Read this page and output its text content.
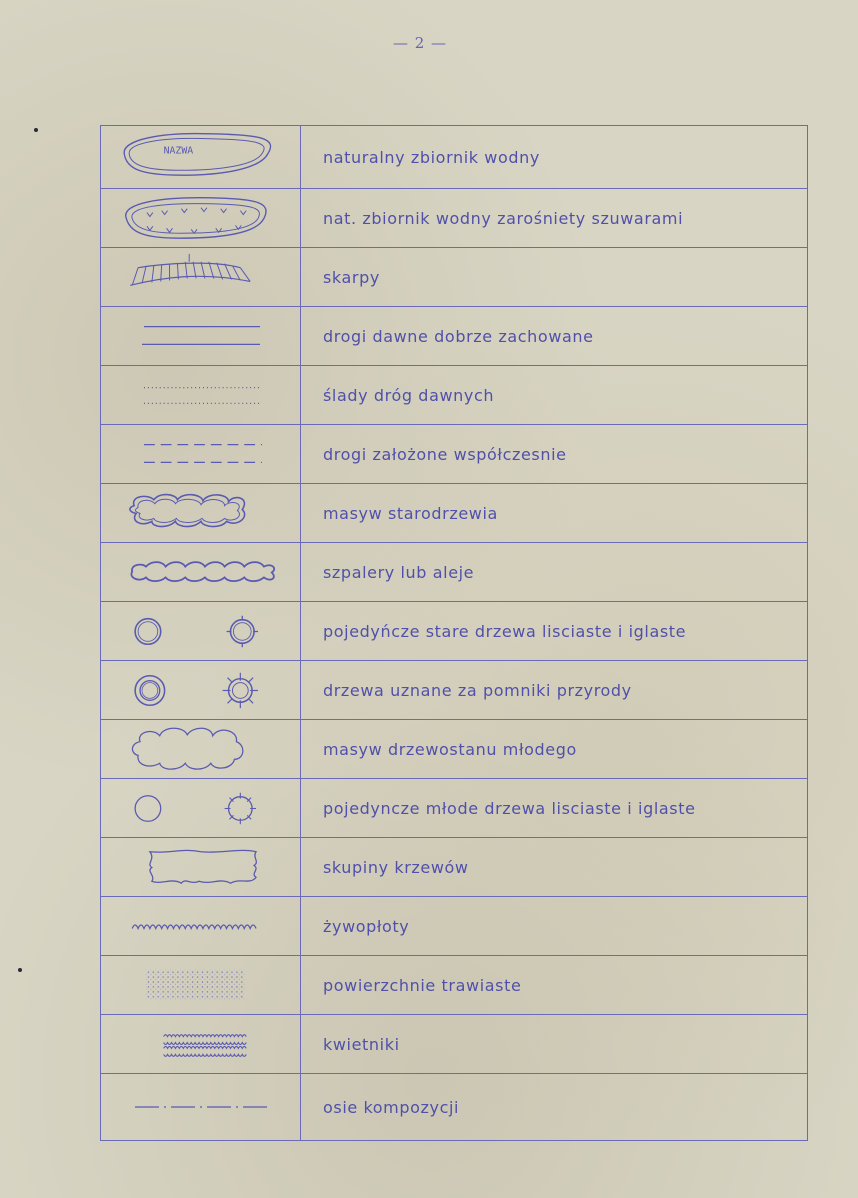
— 2 —
NAZWA	naturalny zbiornik wodny
nat. zbiornik wodny zarośniety szuwarami
skarpy
drogi dawne dobrze zachowane
ślady dróg dawnych
drogi założone współczesnie
masyw starodrzewia
szpalery lub aleje
pojedyńcze stare drzewa lisciaste i iglaste
drzewa uznane za pomniki przyrody
masyw drzewostanu młodego
pojedyncze młode drzewa lisciaste i iglaste
skupiny krzewów
żywopłoty
powierzchnie trawiaste
kwietniki
osie kompozycji
